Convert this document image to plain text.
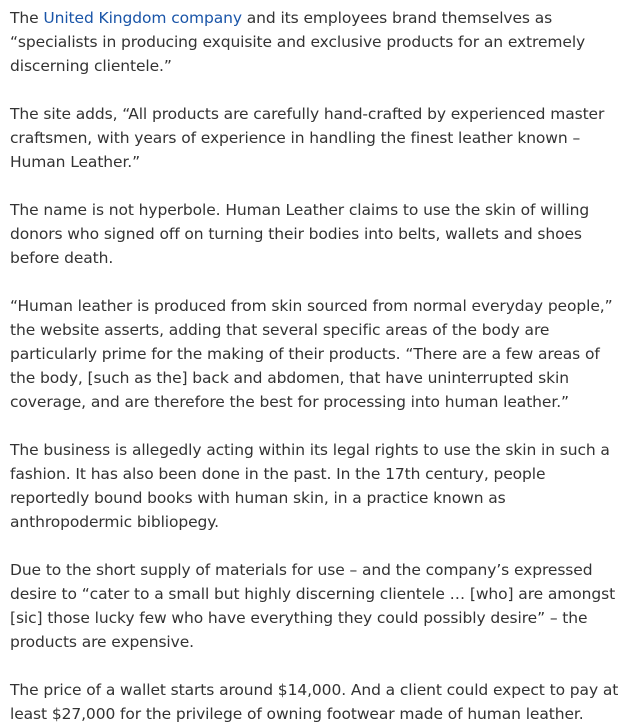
The United Kingdom company and its employees brand themselves as “specialists in producing exquisite and exclusive products for an extremely discerning clientele.”

The site adds, “All products are carefully hand-crafted by experienced master craftsmen, with years of experience in handling the finest leather known – Human Leather.”

The name is not hyperbole. Human Leather claims to use the skin of willing donors who signed off on turning their bodies into belts, wallets and shoes before death.

“Human leather is produced from skin sourced from normal everyday people,” the website asserts, adding that several specific areas of the body are particularly prime for the making of their products. “There are a few areas of the body, [such as the] back and abdomen, that have uninterrupted skin coverage, and are therefore the best for processing into human leather.”

The business is allegedly acting within its legal rights to use the skin in such a fashion. It has also been done in the past. In the 17th century, people reportedly bound books with human skin, in a practice known as anthropodermic bibliopegy.

Due to the short supply of materials for use – and the company’s expressed desire to “cater to a small but highly discerning clientele … [who] are amongst [sic] those lucky few who have everything they could possibly desire” – the products are expensive.

The price of a wallet starts around $14,000. And a client could expect to pay at least $27,000 for the privilege of owning footwear made of human leather.
